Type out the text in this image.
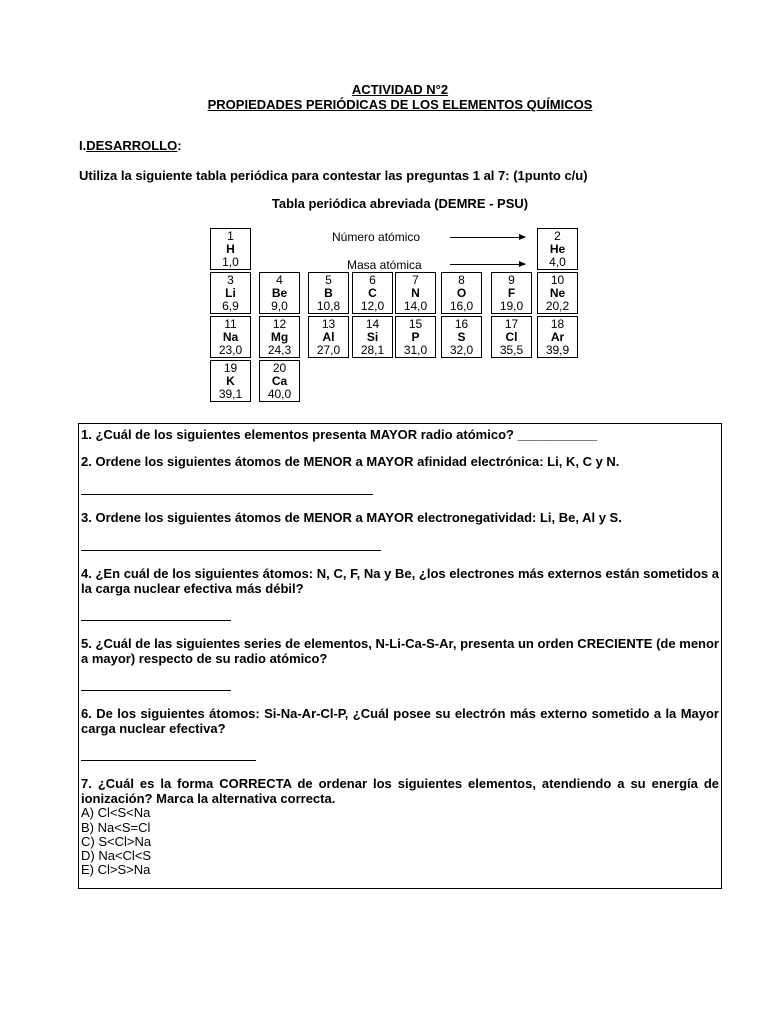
ACTIVIDAD N°2
PROPIEDADES PERIÓDICAS DE LOS ELEMENTOS QUÍMICOS
I.DESARROLLO:
Utiliza la siguiente tabla periódica para contestar las preguntas 1 al 7: (1punto c/u)
Tabla periódica abreviada (DEMRE - PSU)
1
H
1,0
Número atómico
Masa atómica
2
He
4,0
3
Li
6,9
4
Be
9,0
5
B
10,8
6
C
12,0
7
N
14,0
8
O
16,0
9
F
19,0
10
Ne
20,2
11
Na
23,0
12
Mg
24,3
13
Al
27,0
14
Si
28,1
15
P
31,0
16
S
32,0
17
Cl
35,5
18
Ar
39,9
19
K
39,1
20
Ca
40,0
1. ¿Cuál de los siguientes elementos presenta MAYOR radio atómico? ___________
2. Ordene los siguientes átomos de MENOR a MAYOR afinidad electrónica: Li, K, C y N.
3. Ordene los siguientes átomos de MENOR a MAYOR electronegatividad: Li, Be, Al y S.
4. ¿En cuál de los siguientes átomos: N, C, F, Na y Be, ¿los electrones más externos están sometidos a la carga nuclear efectiva más débil?
5. ¿Cuál de las siguientes series de elementos, N-Li-Ca-S-Ar, presenta un orden CRECIENTE (de menor a mayor) respecto de su radio atómico?
6. De los siguientes átomos: Si-Na-Ar-Cl-P, ¿Cuál posee su electrón más externo sometido a la Mayor carga nuclear efectiva?
7. ¿Cuál es la forma CORRECTA de ordenar los siguientes elementos, atendiendo a su energía de ionización? Marca la alternativa correcta.
A) Cl<S<Na
B) Na<S=Cl
C) S<Cl>Na
D) Na<Cl<S
E) Cl>S>Na
